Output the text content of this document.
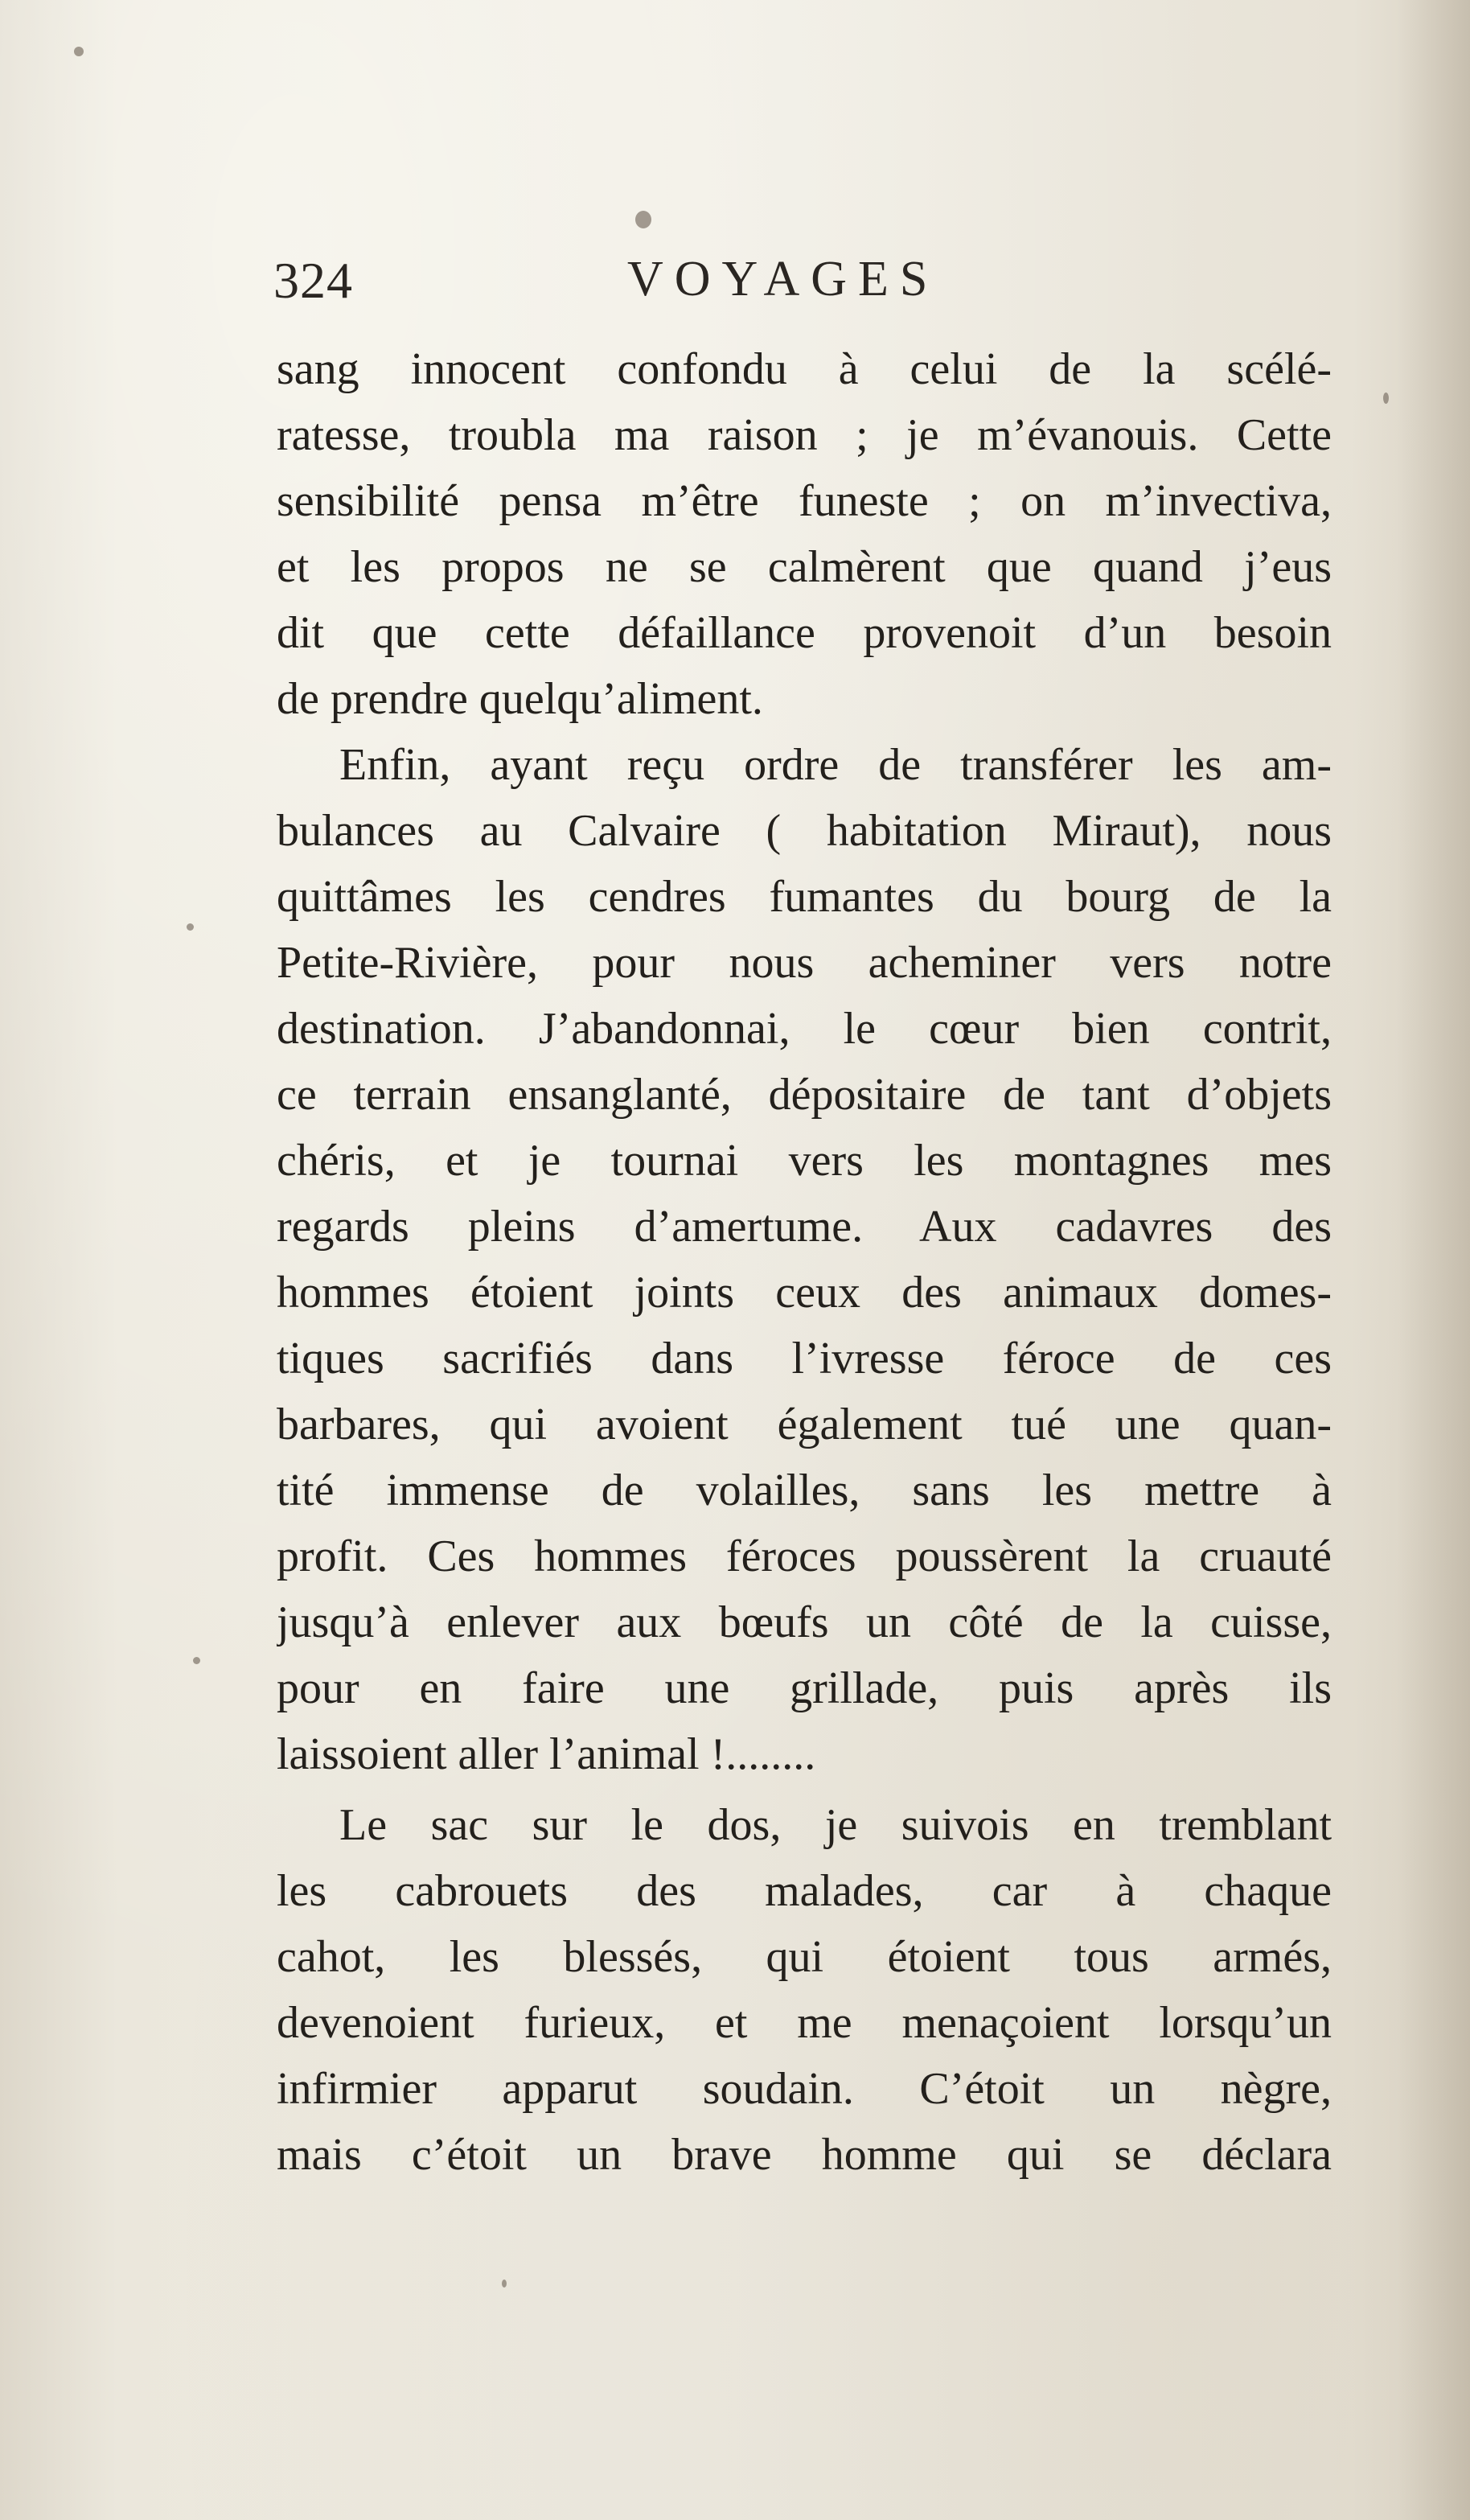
324	VOYAGES
sang innocent confondu à celui de la scélé-
ratesse, troubla ma raison ; je m’évanouis. Cette
sensibilité pensa m’être funeste ; on m’invectiva,
et les propos ne se calmèrent que quand j’eus
dit que cette défaillance provenoit d’un besoin
de prendre quelqu’aliment.
Enfin, ayant reçu ordre de transférer les am-
bulances au Calvaire ( habitation Miraut), nous
quittâmes les cendres fumantes du bourg de la
Petite-Rivière, pour nous acheminer vers notre
destination. J’abandonnai, le cœur bien contrit,
ce terrain ensanglanté, dépositaire de tant d’objets
chéris, et je tournai vers les montagnes mes
regards pleins d’amertume. Aux cadavres des
hommes étoient joints ceux des animaux domes-
tiques sacrifiés dans l’ivresse féroce de ces
barbares, qui avoient également tué une quan-
tité immense de volailles, sans les mettre à
profit. Ces hommes féroces poussèrent la cruauté
jusqu’à enlever aux bœufs un côté de la cuisse,
pour en faire une grillade, puis après ils
laissoient aller l’animal !........
Le sac sur le dos, je suivois en tremblant
les cabrouets des malades, car à chaque
cahot, les blessés, qui étoient tous armés,
devenoient furieux, et me menaçoient lorsqu’un
infirmier apparut soudain. C’étoit un nègre,
mais c’étoit un brave homme qui se déclara
